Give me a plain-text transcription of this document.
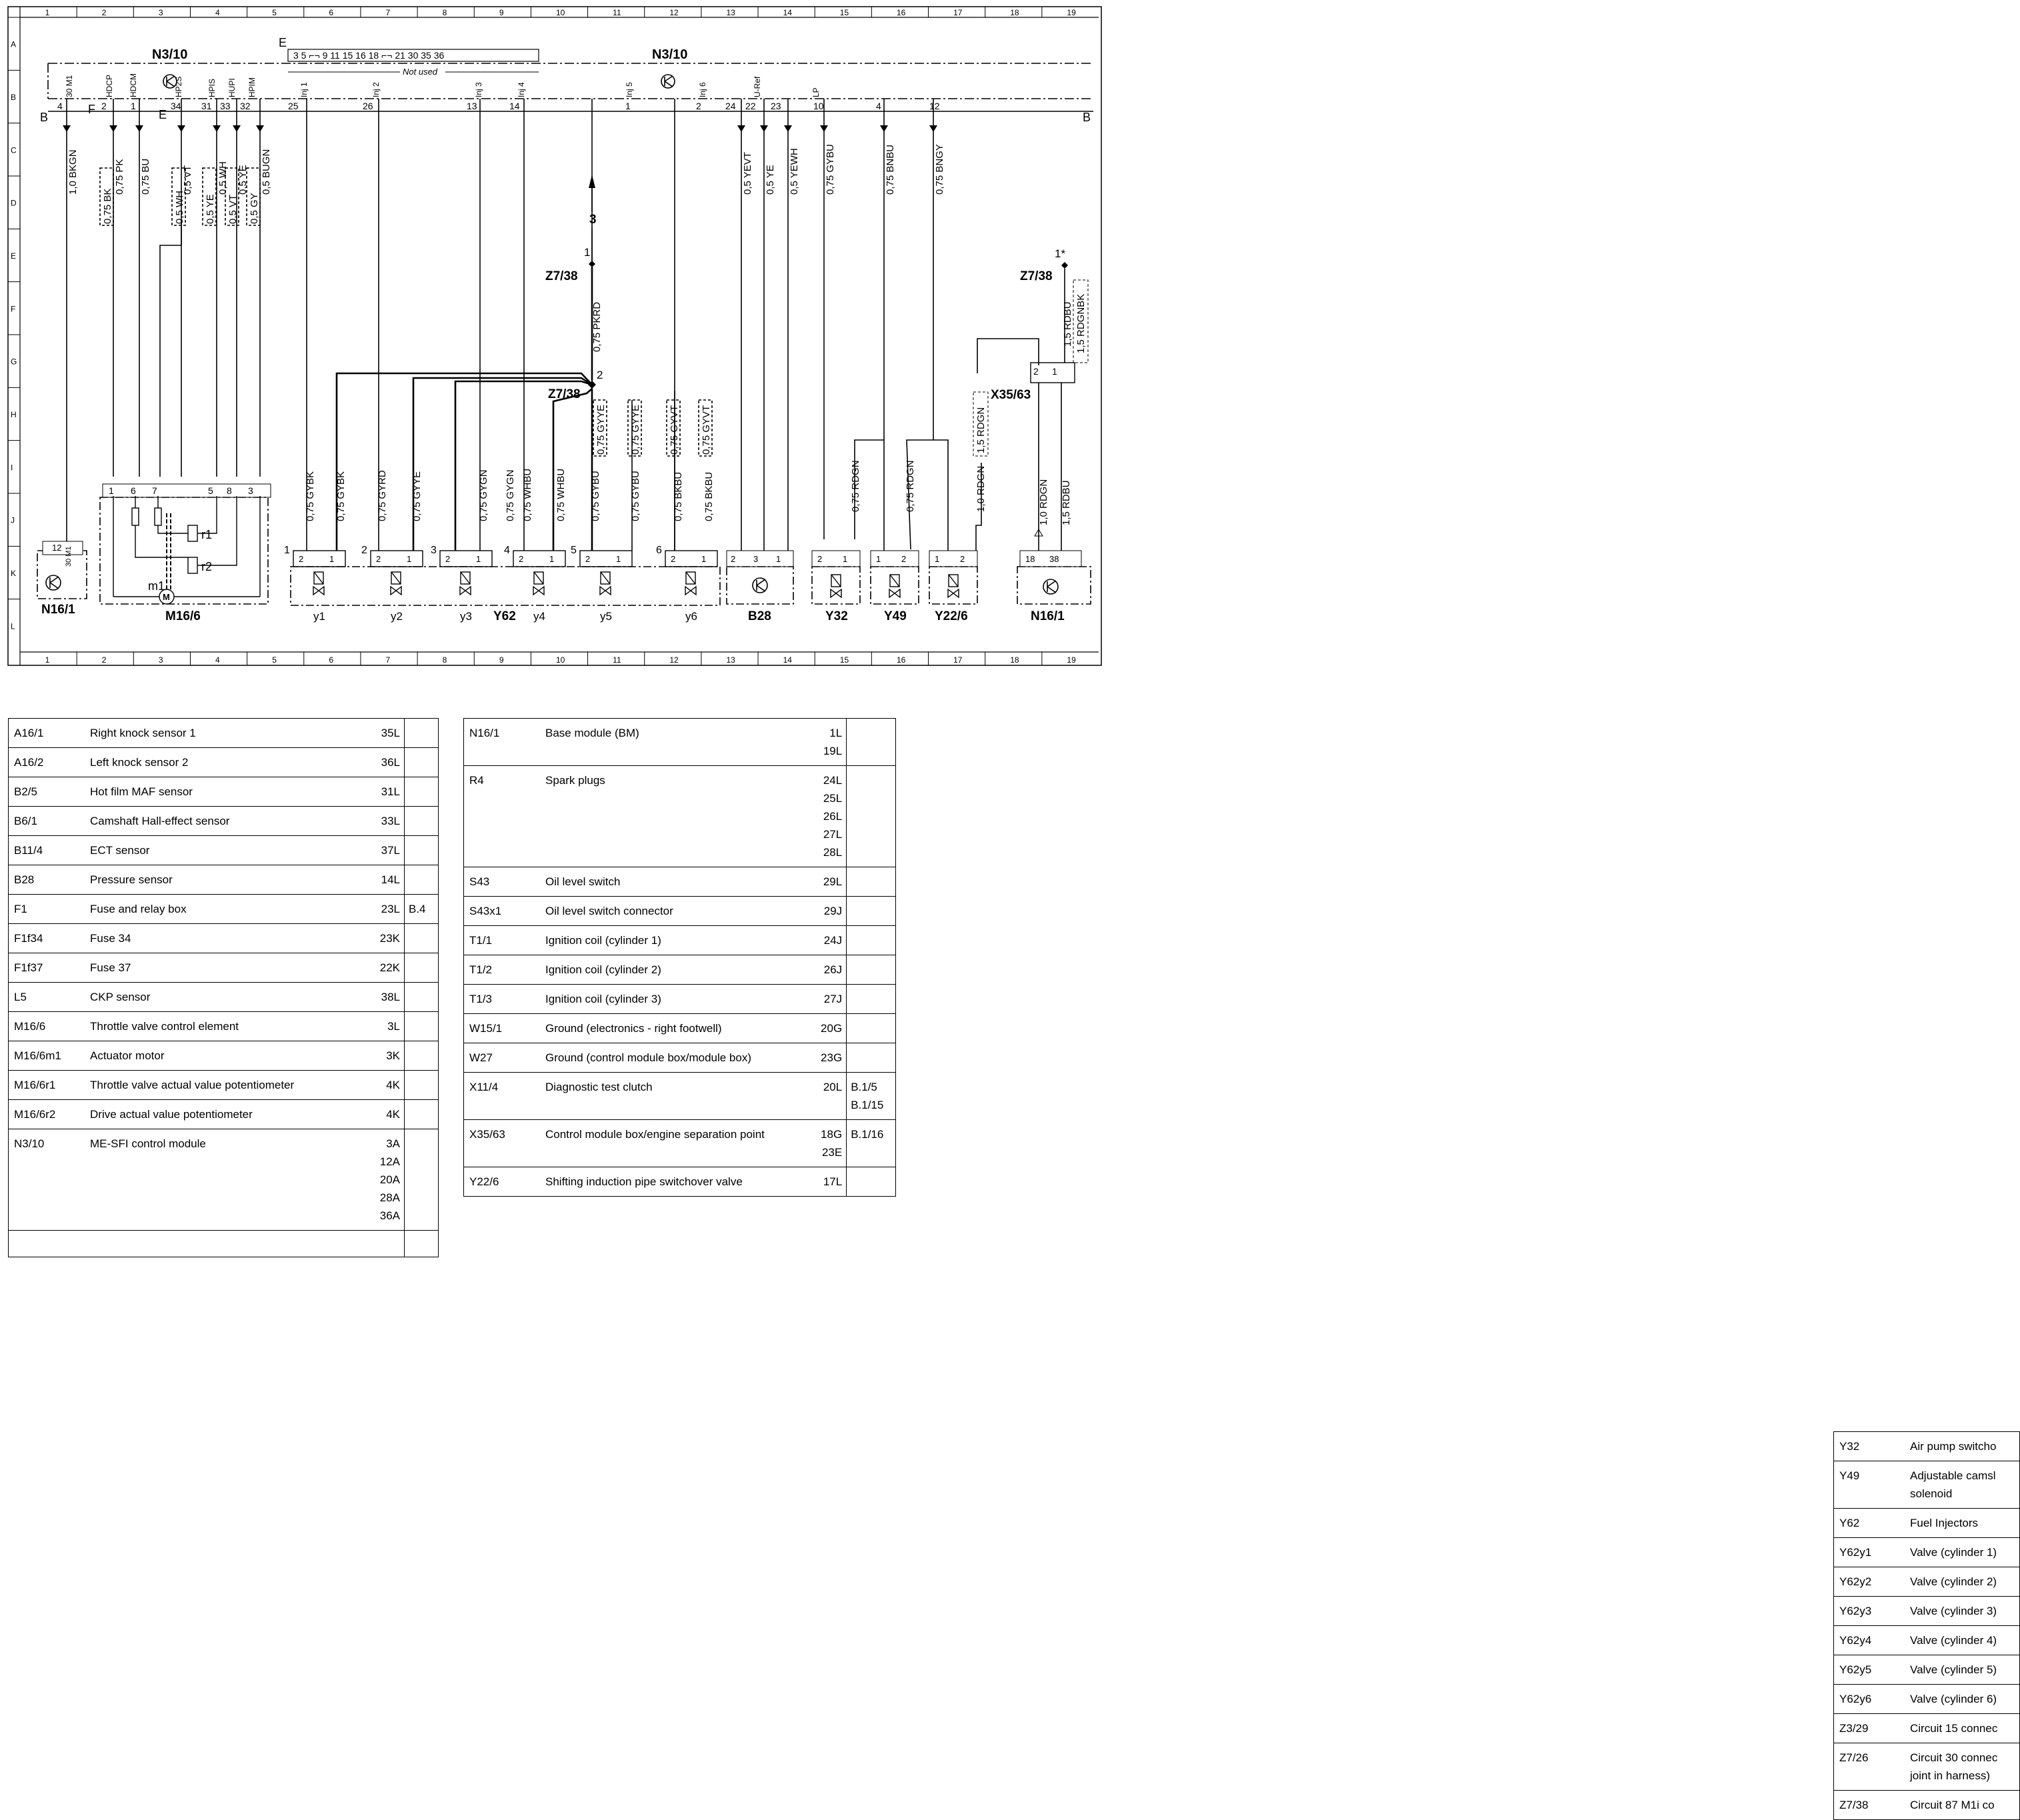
1
1
2
2
3
3
4
4
5
5
6
6
7
7
8
8
9
9
10
10
11
11
12
12
13
13
14
14
15
15
16
16
17
17
18
18
19
19
A
B
C
D
E
F
G
H
I
J
K
L
N3/10	N3/10
E
B
F	E	B
3 5 ⌐¬ 9 11 15 16 18 ⌐¬ 21 30 35 36
Not used
30 M1	HDCP HDCM	HP2S	HPIS HUPI HPIM	Inj 1	Inj 2	Inj 3	Inj 4	Inj 5	Inj 6	U-Ref	LP
4	2	1	34 31 33 32	25	26	13	14	1	2	24 22 23	10	4	12
1,0 BKGN	0,75 PK 0,75 BU	0,5 VT 0,5 WH 0,5 YE 0,5 BUGN	0,5 YEVT 0,5 YE 0,5 YEWH 0,75 GYBU	0,75 BNBU	0,75 BNGY
0,75 BK	0,5 WH 0,5 YE 0,5 VT 0,5 GY
0,75 GYBK 0,75 GYBK	0,75 GYRD 0,75 GYYE	0,75 GYGN 0,75 GYGN 0,75 WHBU 0,75 WHBU 0,75 GYBU	0,75 GYBU	0,75 BKBU 0,75 BKBU
0,75 GYYE 0,75 GYYE	0,75 GYVT 0,75 GYVT
Z7/38
Z7/38
Z7/38
3
1
2
1*
0,75 PKRD
0,75 RDGN	0,75 RDGN	1,0 RDGN
1,5 RDGN
X35/63
2 1
1,5 RDBU 1,5 RDGNBK
1,0 RDGN 1,5 RDBU
12 30 M1
N16/1
1 6 7	5 8 3
M16/6
1
2	1
y1
2
2	1
y2
3
2	1
y3
4
2	1
y4
5
2	1
y5
6
2	1
y6
Y62
2 3 1
B28
2 1
Y32
1 2
Y49
1 2
Y22/6
18 38
N16/1
r1
r2
m1
M
A16/1	Right knock sensor 1	35L	
A16/2	Left knock sensor 2	36L	
B2/5	Hot film MAF sensor	31L	
B6/1	Camshaft Hall-effect sensor	33L	
B11/4	ECT sensor	37L	
B28	Pressure sensor	14L	
F1	Fuse and relay box	23L	B.4
F1f34	Fuse 34	23K	
F1f37	Fuse 37	22K	
L5	CKP sensor	38L	
M16/6	Throttle valve control element	3L	
M16/6m1	Actuator motor	3K	
M16/6r1	Throttle valve actual value potentiometer	4K	
M16/6r2	Drive actual value potentiometer	4K	
N3/10	ME-SFI control module	3A
12A
20A
28A
36A	

N16/1	Base module (BM)	1L
19L	
R4	Spark plugs	24L
25L
26L
27L
28L	
S43	Oil level switch	29L	
S43x1	Oil level switch connector	29J	
T1/1	Ignition coil (cylinder 1)	24J	
T1/2	Ignition coil (cylinder 2)	26J	
T1/3	Ignition coil (cylinder 3)	27J	
W15/1	Ground (electronics - right footwell)	20G	
W27	Ground (control module box/module box)	23G	
X11/4	Diagnostic test clutch	20L	B.1/5
B.1/15
X35/63	Control module box/engine separation point	18G
23E	B.1/16
Y22/6	Shifting induction pipe switchover valve	17L	
Y32	Air pump switcho
Y49	Adjustable camsl solenoid
Y62	Fuel Injectors
Y62y1	Valve (cylinder 1)
Y62y2	Valve (cylinder 2)
Y62y3	Valve (cylinder 3)
Y62y4	Valve (cylinder 4)
Y62y5	Valve (cylinder 5)
Y62y6	Valve (cylinder 6)
Z3/29	Circuit 15 connec
Z7/26	Circuit 30 connec joint in harness)
Z7/38	Circuit 87 M1i co
